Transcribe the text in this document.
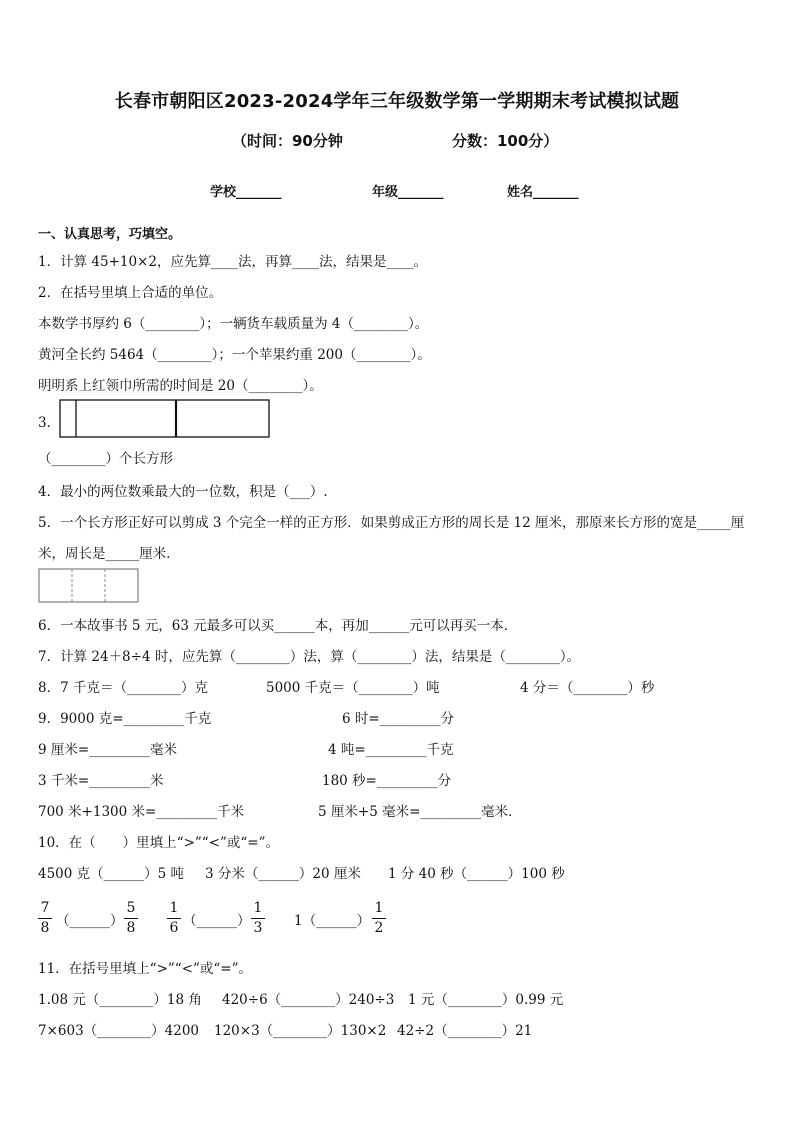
长春市朝阳区2023-2024学年三年级数学第一学期期末考试模拟试题
（时间：90分钟	分数：100分）
学校_______	年级_______	姓名_______
一、认真思考，巧填空。
1．计算 45+10×2，应先算____法，再算____法，结果是____。
2．在括号里填上合适的单位。
本数学书厚约 6（________）；一辆货车载质量为 4（________）。
黄河全长约 5464（________）；一个苹果约重 200（________）。
明明系上红领巾所需的时间是 20（________）。
3．
（________）个长方形
4．最小的两位数乘最大的一位数，积是（___）.
5．一个长方形正好可以剪成 3 个完全一样的正方形．如果剪成正方形的周长是 12 厘米，那原来长方形的宽是_____厘
米，周长是_____厘米．
6．一本故事书 5 元，63 元最多可以买______本，再加______元可以再买一本．
7．计算 24＋8÷4 时，应先算（________）法，算（________）法，结果是（________）。
8．7 千克＝（________）克	5000 千克＝（________）吨	4 分＝（________）秒
9．9000 克=_________千克	6 时=_________分
9 厘米=_________毫米	4 吨=_________千克
3 千米=_________米	180 秒=_________分
700 米+1300 米=_________千米	5 厘米+5 毫米=_________毫米．
10．在（　　）里填上“>”“<”或“=”。
4500 克（______）5 吨 3 分米（______）20 厘米 1 分 40 秒（______）100 秒
7
8 （______）
5
8
1
6 （______）
1
3 1（______）
1
2
11．在括号里填上“>”“<”或“=”。
1.08 元（________）18 角 420÷6（________）240÷3 1 元（________）0.99 元
7×603（________）4200 120×3（________）130×2 42÷2（________）21
